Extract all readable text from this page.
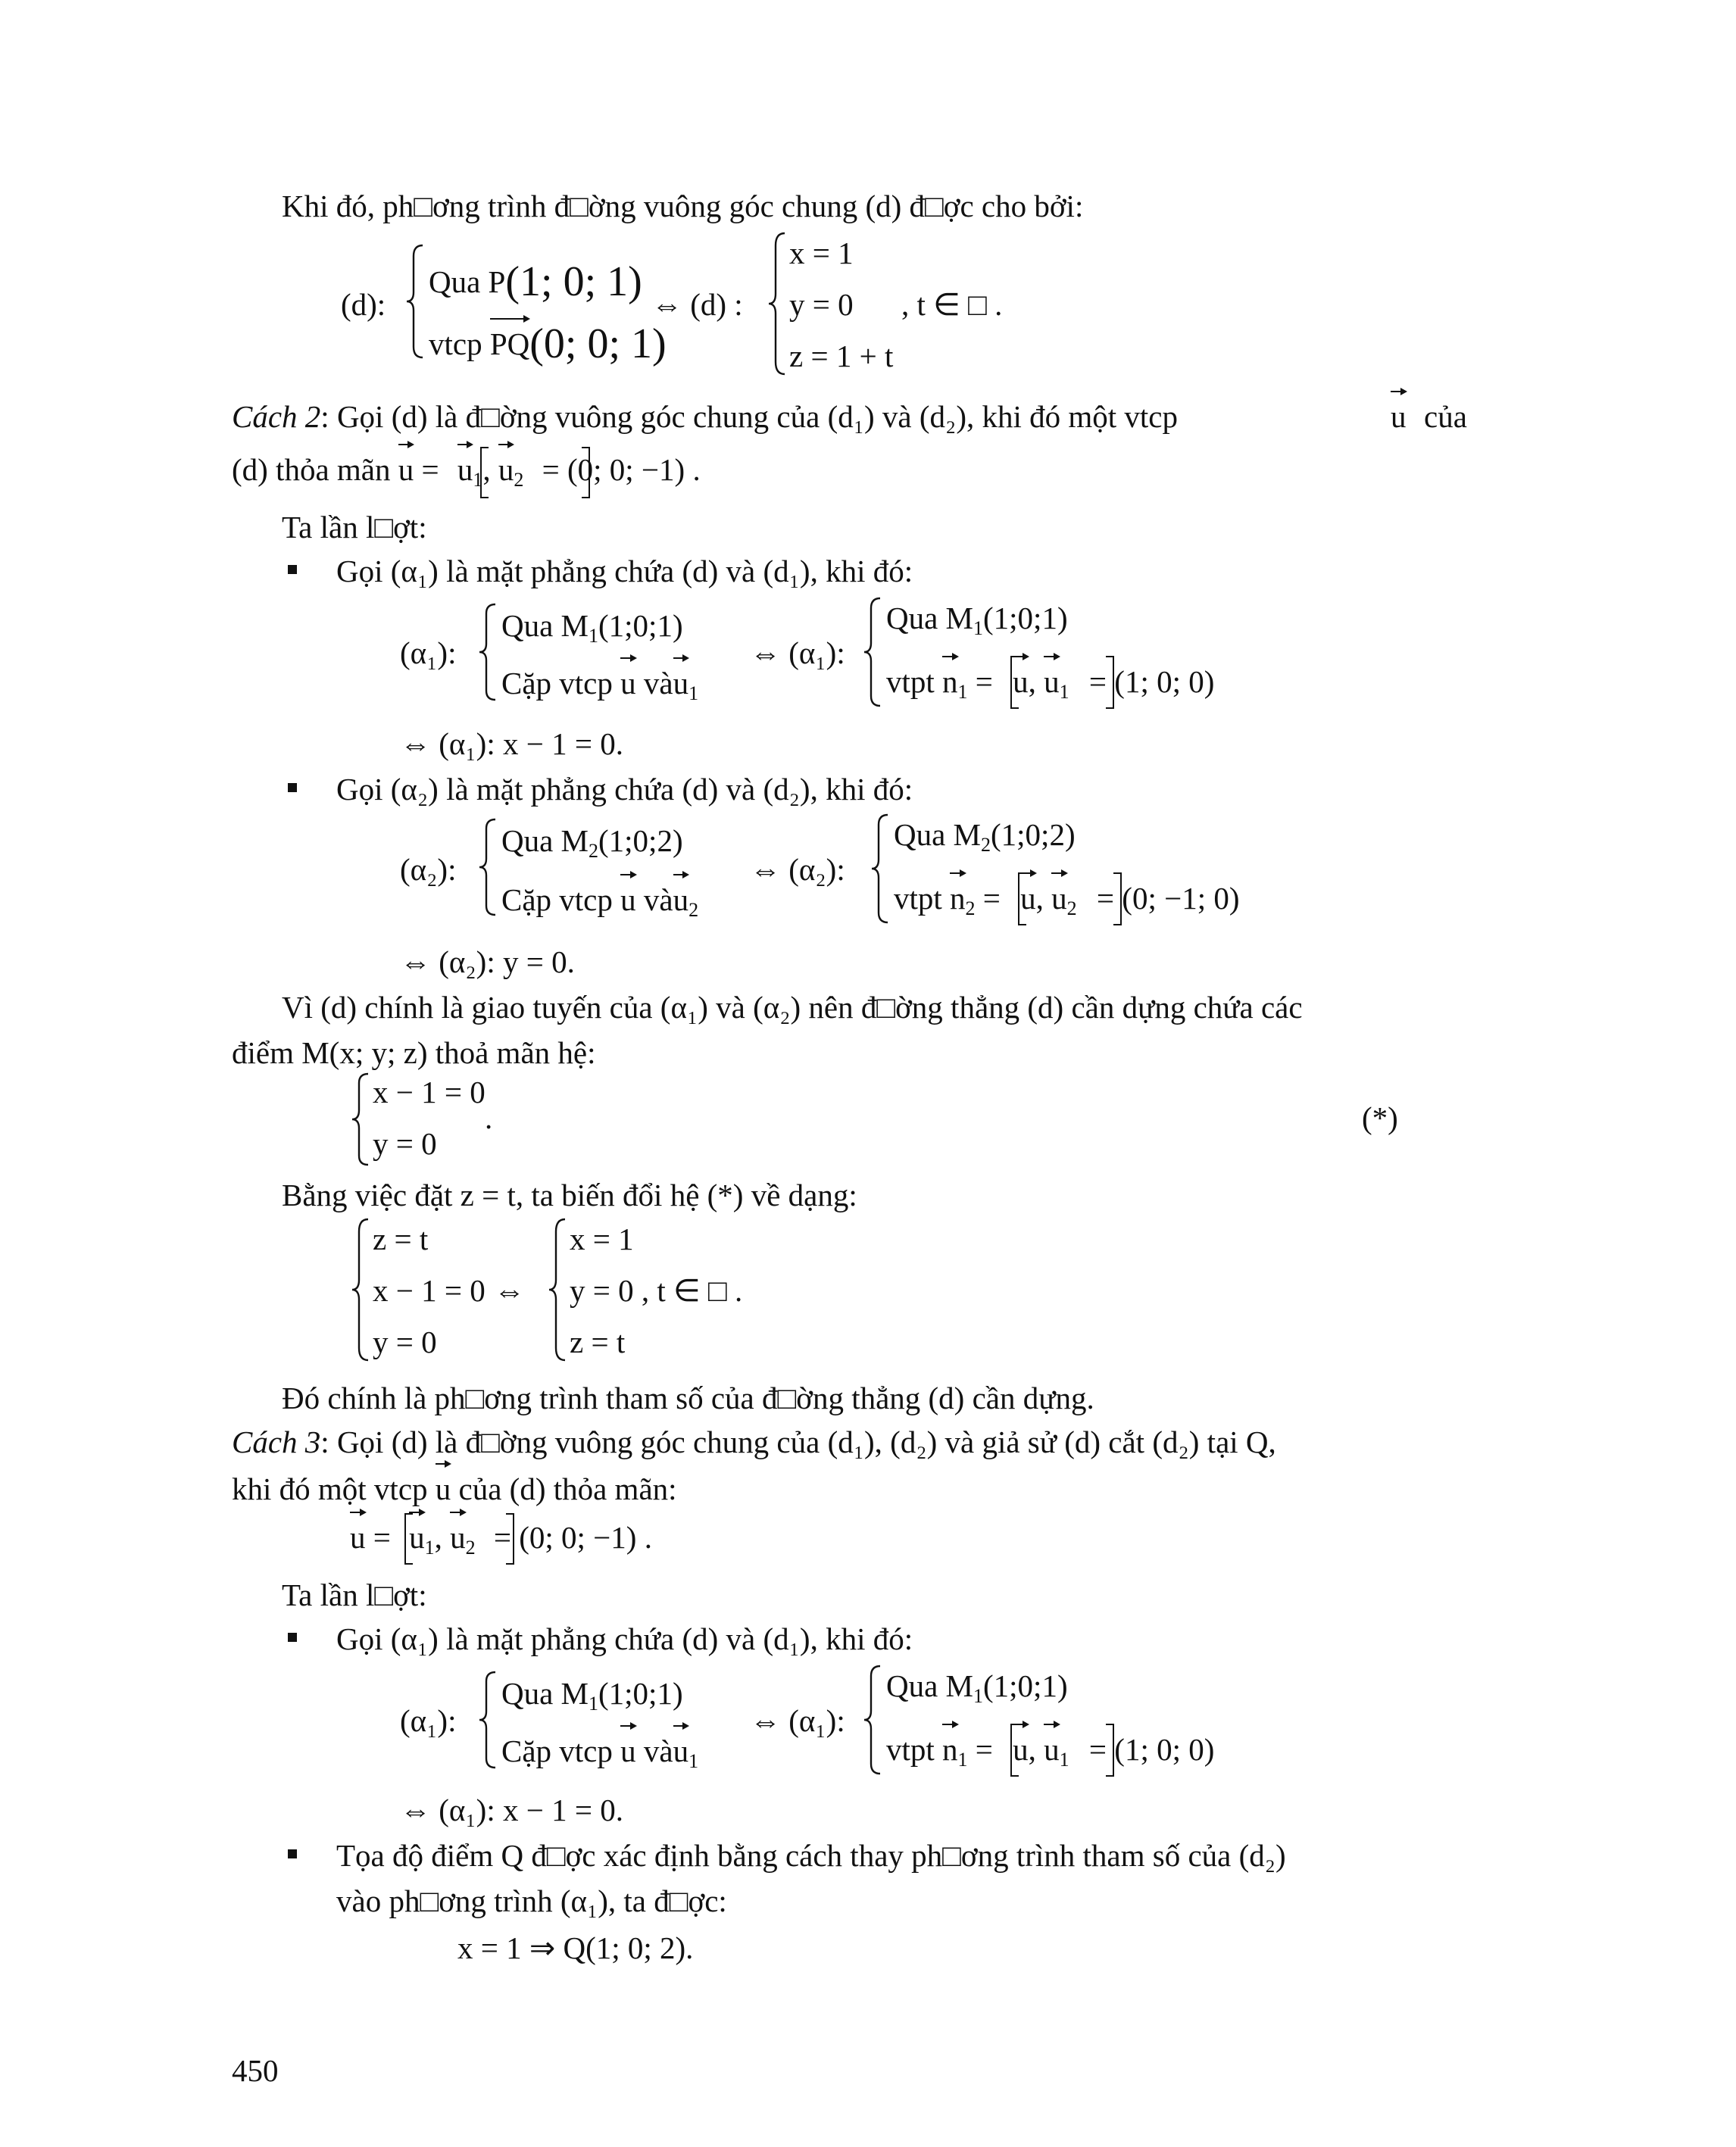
Khi đó, ph□ơng trình đ□ờng vuông góc chung (d) đ□ợc cho bởi:
(d):
Qua P(1; 0; 1)
vtcp PQ(0; 0; 1)
⇔ (d) :
x = 1
y = 0 , t ∈ □ .
z = 1 + t
Cách 2: Gọi (d) là đ□ờng vuông góc chung của (d₁) và (d₂), khi đó một vtcp	u của
(d) thỏa mãn u = u1, u2 = (0; 0; −1) .
Ta lần l□ợt:
Gọi (α₁) là mặt phẳng chứa (d) và (d₁), khi đó:
(α₁):
Qua M1(1;0;1)
Cặp vtcp u vàu1
⇔ (α₁):
Qua M1(1;0;1)
vtpt n1 = u, u1 = (1; 0; 0)
⇔ (α₁): x − 1 = 0.
Gọi (α₂) là mặt phẳng chứa (d) và (d₂), khi đó:
(α₂):
Qua M2(1;0;2)
Cặp vtcp u vàu2
⇔ (α₂):
Qua M2(1;0;2)
vtpt n2 = u, u2 = (0; −1; 0)
⇔ (α₂): y = 0.
Vì (d) chính là giao tuyến của (α₁) và (α₂) nên đ□ờng thẳng (d) cần dựng chứa các
điểm M(x; y; z) thoả mãn hệ:
x − 1 = 0
y = 0
.	(*)
Bằng việc đặt z = t, ta biến đổi hệ (*) về dạng:
z = t
x − 1 = 0
y = 0
⇔
x = 1
y = 0 , t ∈ □ .
z = t
Đó chính là ph□ơng trình tham số của đ□ờng thẳng (d) cần dựng.
Cách 3: Gọi (d) là đ□ờng vuông góc chung của (d₁), (d₂) và giả sử (d) cắt (d₂) tại Q,
khi đó một vtcp u của (d) thỏa mãn:
u = u1, u2 = (0; 0; −1) .
Ta lần l□ợt:
Gọi (α₁) là mặt phẳng chứa (d) và (d₁), khi đó:
(α₁):
Qua M1(1;0;1)
Cặp vtcp u vàu1
⇔ (α₁):
Qua M1(1;0;1)
vtpt n1 = u, u1 = (1; 0; 0)
⇔ (α₁): x − 1 = 0.
Tọa độ điểm Q đ□ợc xác định bằng cách thay ph□ơng trình tham số của (d₂)
vào ph□ơng trình (α₁), ta đ□ợc:
x = 1 ⇒ Q(1; 0; 2).
450
